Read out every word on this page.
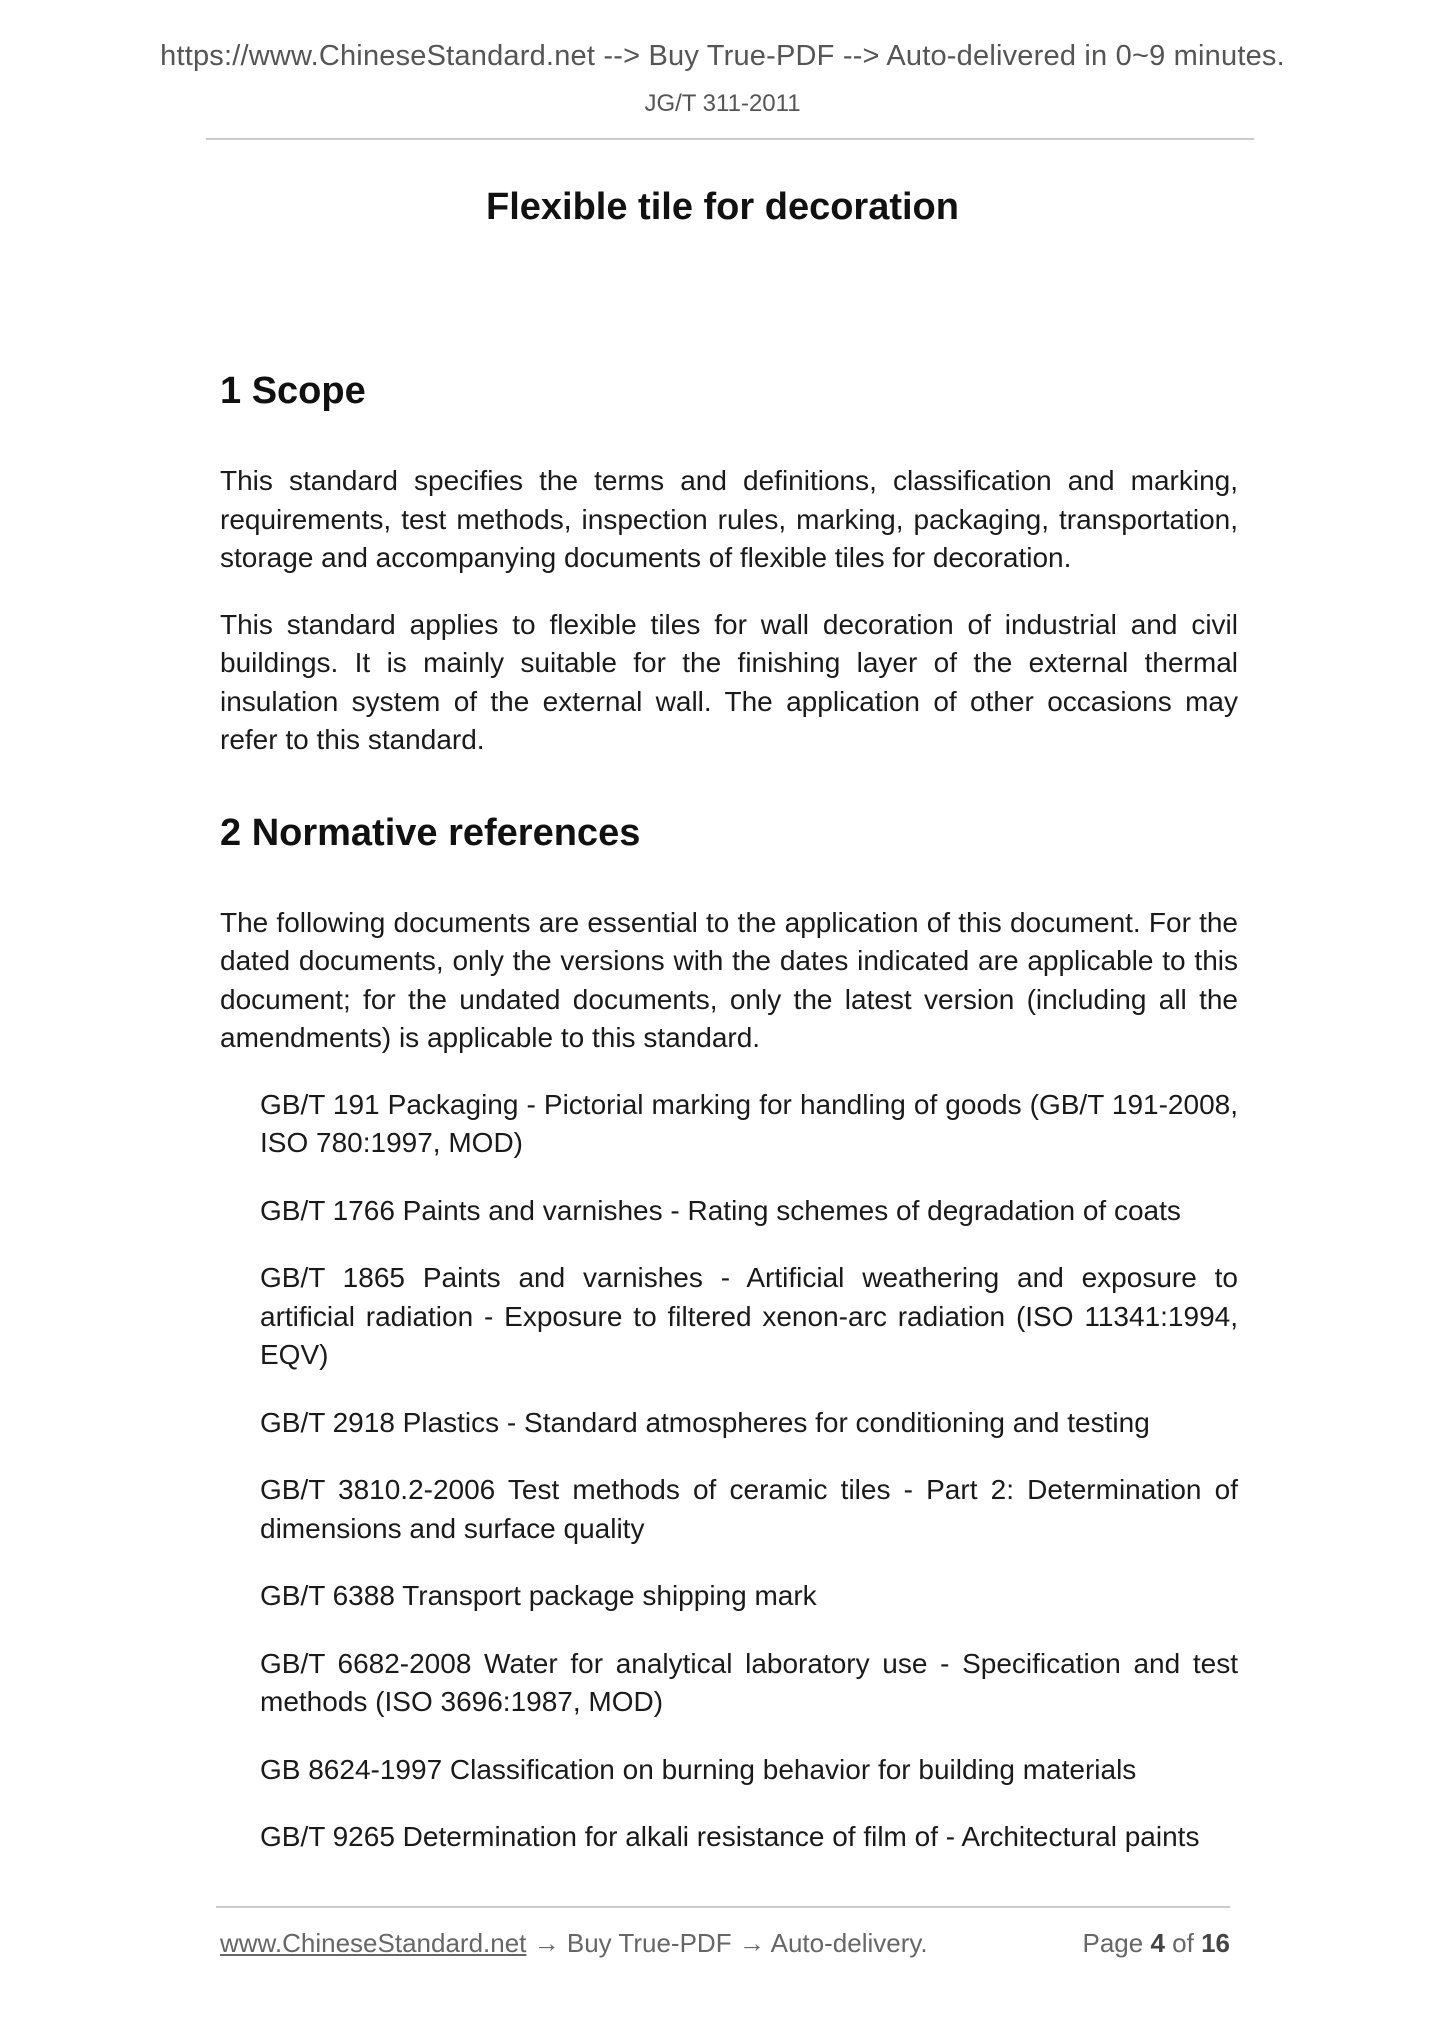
https://www.ChineseStandard.net --> Buy True-PDF --> Auto-delivered in 0~9 minutes.
JG/T 311-2011
Flexible tile for decoration
1 Scope

This standard specifies the terms and definitions, classification and marking, requirements, test methods, inspection rules, marking, packaging, transportation, storage and accompanying documents of flexible tiles for decoration.

This standard applies to flexible tiles for wall decoration of industrial and civil buildings. It is mainly suitable for the finishing layer of the external thermal insulation system of the external wall. The application of other occasions may refer to this standard.

2 Normative references

The following documents are essential to the application of this document. For the dated documents, only the versions with the dates indicated are applicable to this document; for the undated documents, only the latest version (including all the amendments) is applicable to this standard.

GB/T 191 Packaging - Pictorial marking for handling of goods (GB/T 191-2008, ISO 780:1997, MOD)
GB/T 1766 Paints and varnishes - Rating schemes of degradation of coats
GB/T 1865 Paints and varnishes - Artificial weathering and exposure to artificial radiation - Exposure to filtered xenon-arc radiation (ISO 11341:1994, EQV)
GB/T 2918 Plastics - Standard atmospheres for conditioning and testing
GB/T 3810.2-2006 Test methods of ceramic tiles - Part 2: Determination of dimensions and surface quality
GB/T 6388 Transport package shipping mark
GB/T 6682-2008 Water for analytical laboratory use - Specification and test methods (ISO 3696:1987, MOD)
GB 8624-1997 Classification on burning behavior for building materials
GB/T 9265 Determination for alkali resistance of film of - Architectural paints
www.ChineseStandard.net → Buy True-PDF → Auto-delivery.	Page 4 of 16
